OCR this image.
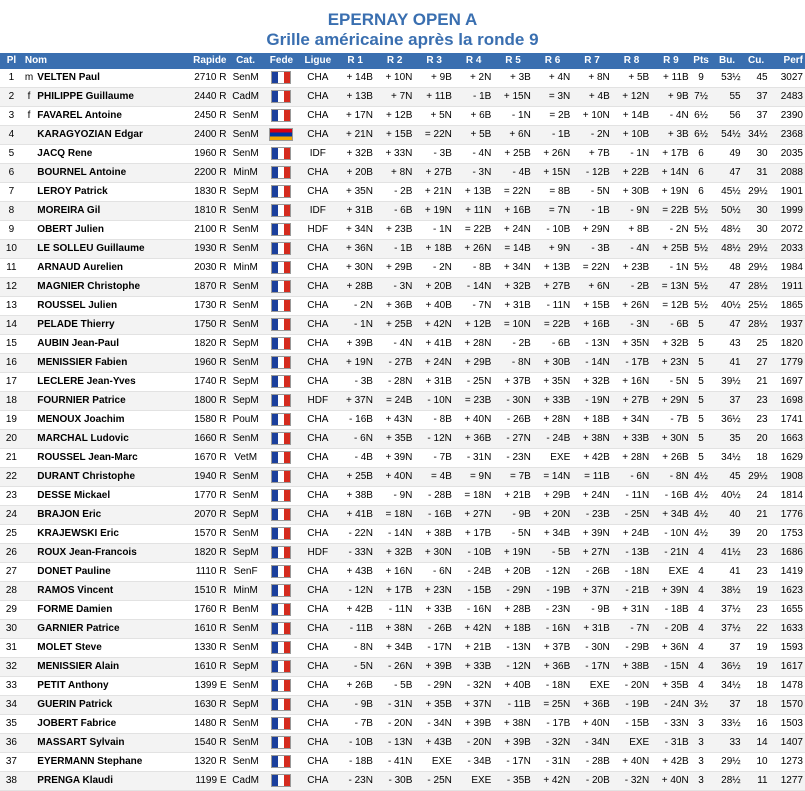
EPERNAY OPEN A
Grille américaine après la ronde 9
Pl	Nom		Rapide	Cat.	Fede	Ligue	R 1	R 2	R 3	R 4	R 5	R 6	R 7	R 8	R 9	Pts	Bu.	Cu.	Perf
1	m	VELTEN Paul	2710 R	SenM		CHA	+ 14B	+ 10N	+ 9B	+ 2N	+ 3B	+ 4N	+ 8N	+ 5B	+ 11B	9	53½	45	3027
2	f	PHILIPPE Guillaume	2440 R	CadM		CHA	+ 13B	+ 7N	+ 11B	- 1B	+ 15N	= 3N	+ 4B	+ 12N	+ 9B	7½	55	37	2483
3	f	FAVAREL Antoine	2450 R	SenM		CHA	+ 17N	+ 12B	+ 5N	+ 6B	- 1N	= 2B	+ 10N	+ 14B	- 4N	6½	56	37	2390
4		KARAGYOZIAN Edgar	2400 R	SenM		CHA	+ 21N	+ 15B	= 22N	+ 5B	+ 6N	- 1B	- 2N	+ 10B	+ 3B	6½	54½	34½	2368
5		JACQ Rene	1960 R	SenM		IDF	+ 32B	+ 33N	- 3B	- 4N	+ 25B	+ 26N	+ 7B	- 1N	+ 17B	6	49	30	2035
6		BOURNEL Antoine	2200 R	MinM		CHA	+ 20B	+ 8N	+ 27B	- 3N	- 4B	+ 15N	- 12B	+ 22B	+ 14N	6	47	31	2088
7		LEROY Patrick	1830 R	SepM		CHA	+ 35N	- 2B	+ 21N	+ 13B	= 22N	= 8B	- 5N	+ 30B	+ 19N	6	45½	29½	1901
8		MOREIRA Gil	1810 R	SenM		IDF	+ 31B	- 6B	+ 19N	+ 11N	+ 16B	= 7N	- 1B	- 9N	= 22B	5½	50½	30	1999
9		OBERT Julien	2100 R	SenM		HDF	+ 34N	+ 23B	- 1N	= 22B	+ 24N	- 10B	+ 29N	+ 8B	- 2N	5½	48½	30	2072
10		LE SOLLEU Guillaume	1930 R	SenM		CHA	+ 36N	- 1B	+ 18B	+ 26N	= 14B	+ 9N	- 3B	- 4N	+ 25B	5½	48½	29½	2033
11		ARNAUD Aurelien	2030 R	MinM		CHA	+ 30N	+ 29B	- 2N	- 8B	+ 34N	+ 13B	= 22N	+ 23B	- 1N	5½	48	29½	1984
12		MAGNIER Christophe	1870 R	SenM		CHA	+ 28B	- 3N	+ 20B	- 14N	+ 32B	+ 27B	+ 6N	- 2B	= 13N	5½	47	28½	1911
13		ROUSSEL Julien	1730 R	SenM		CHA	- 2N	+ 36B	+ 40B	- 7N	+ 31B	- 11N	+ 15B	+ 26N	= 12B	5½	40½	25½	1865
14		PELADE Thierry	1750 R	SenM		CHA	- 1N	+ 25B	+ 42N	+ 12B	= 10N	= 22B	+ 16B	- 3N	- 6B	5	47	28½	1937
15		AUBIN Jean-Paul	1820 R	SepM		CHA	+ 39B	- 4N	+ 41B	+ 28N	- 2B	- 6B	- 13N	+ 35N	+ 32B	5	43	25	1820
16		MENISSIER Fabien	1960 R	SenM		CHA	+ 19N	- 27B	+ 24N	+ 29B	- 8N	+ 30B	- 14N	- 17B	+ 23N	5	41	27	1779
17		LECLERE Jean-Yves	1740 R	SepM		CHA	- 3B	- 28N	+ 31B	- 25N	+ 37B	+ 35N	+ 32B	+ 16N	- 5N	5	39½	21	1697
18		FOURNIER Patrice	1800 R	SepM		HDF	+ 37N	= 24B	- 10N	= 23B	- 30N	+ 33B	- 19N	+ 27B	+ 29N	5	37	23	1698
19		MENOUX Joachim	1580 R	PouM		CHA	- 16B	+ 43N	- 8B	+ 40N	- 26B	+ 28N	+ 18B	+ 34N	- 7B	5	36½	23	1741
20		MARCHAL Ludovic	1660 R	SenM		CHA	- 6N	+ 35B	- 12N	+ 36B	- 27N	- 24B	+ 38N	+ 33B	+ 30N	5	35	20	1663
21		ROUSSEL Jean-Marc	1670 R	VetM		CHA	- 4B	+ 39N	- 7B	- 31N	- 23N	EXE	+ 42B	+ 28N	+ 26B	5	34½	18	1629
22		DURANT Christophe	1940 R	SenM		CHA	+ 25B	+ 40N	= 4B	= 9N	= 7B	= 14N	= 11B	- 6N	- 8N	4½	45	29½	1908
23		DESSE Mickael	1770 R	SenM		CHA	+ 38B	- 9N	- 28B	= 18N	+ 21B	+ 29B	+ 24N	- 11N	- 16B	4½	40½	24	1814
24		BRAJON Eric	2070 R	SepM		CHA	+ 41B	= 18N	- 16B	+ 27N	- 9B	+ 20N	- 23B	- 25N	+ 34B	4½	40	21	1776
25		KRAJEWSKI Eric	1570 R	SenM		CHA	- 22N	- 14N	+ 38B	+ 17B	- 5N	+ 34B	+ 39N	+ 24B	- 10N	4½	39	20	1753
26		ROUX Jean-Francois	1820 R	SepM		HDF	- 33N	+ 32B	+ 30N	- 10B	+ 19N	- 5B	+ 27N	- 13B	- 21N	4	41½	23	1686
27		DONET Pauline	1110 R	SenF		CHA	+ 43B	+ 16N	- 6N	- 24B	+ 20B	- 12N	- 26B	- 18N	EXE	4	41	23	1419
28		RAMOS Vincent	1510 R	MinM		CHA	- 12N	+ 17B	+ 23N	- 15B	- 29N	- 19B	+ 37N	- 21B	+ 39N	4	38½	19	1623
29		FORME Damien	1760 R	BenM		CHA	+ 42B	- 11N	+ 33B	- 16N	+ 28B	- 23N	- 9B	+ 31N	- 18B	4	37½	23	1655
30		GARNIER Patrice	1610 R	SenM		CHA	- 11B	+ 38N	- 26B	+ 42N	+ 18B	- 16N	+ 31B	- 7N	- 20B	4	37½	22	1633
31		MOLET Steve	1330 R	SenM		CHA	- 8N	+ 34B	- 17N	+ 21B	- 13N	+ 37B	- 30N	- 29B	+ 36N	4	37	19	1593
32		MENISSIER Alain	1610 R	SepM		CHA	- 5N	- 26N	+ 39B	+ 33B	- 12N	+ 36B	- 17N	+ 38B	- 15N	4	36½	19	1617
33		PETIT Anthony	1399 E	SenM		CHA	+ 26B	- 5B	- 29N	- 32N	+ 40B	- 18N	EXE	- 20N	+ 35B	4	34½	18	1478
34		GUERIN Patrick	1630 R	SepM		CHA	- 9B	- 31N	+ 35B	+ 37N	- 11B	= 25N	+ 36B	- 19B	- 24N	3½	37	18	1570
35		JOBERT Fabrice	1480 R	SenM		CHA	- 7B	- 20N	- 34N	+ 39B	+ 38N	- 17B	+ 40N	- 15B	- 33N	3	33½	16	1503
36		MASSART Sylvain	1540 R	SenM		CHA	- 10B	- 13N	+ 43B	- 20N	+ 39B	- 32N	- 34N	EXE	- 31B	3	33	14	1407
37		EYERMANN Stephane	1320 R	SenM		CHA	- 18B	- 41N	EXE	- 34B	- 17N	- 31N	- 28B	+ 40N	+ 42B	3	29½	10	1273
38		PRENGA Klaudi	1199 E	CadM		CHA	- 23N	- 30B	- 25N	EXE	- 35B	+ 42N	- 20B	- 32N	+ 40N	3	28½	11	1277
